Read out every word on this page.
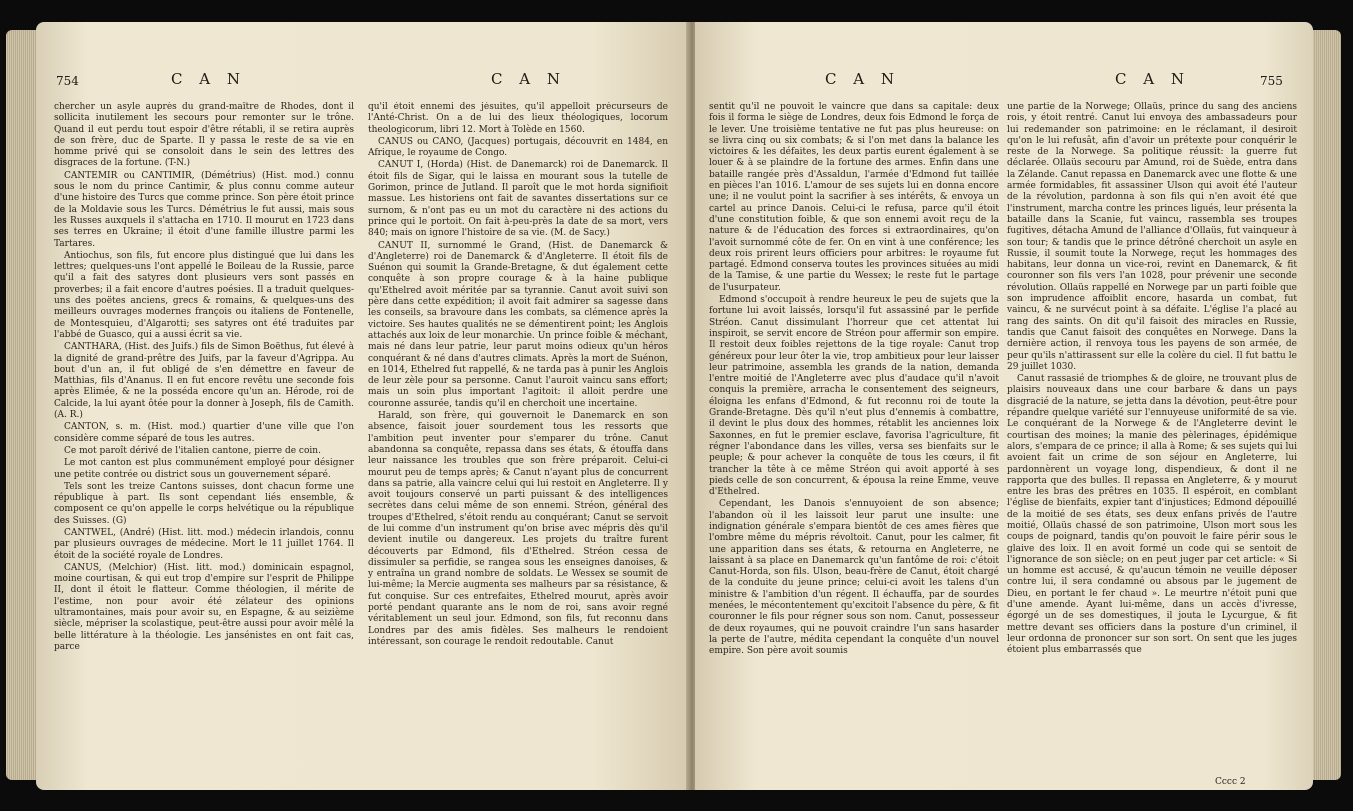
754	C A N	C A N

chercher un asyle auprès du grand-maître de Rhodes, dont il sollicita inutilement les secours pour remonter sur le trône. Quand il eut perdu tout espoir d'être rétabli, il se retira auprès de son frère, duc de Sparte. Il y passa le reste de sa vie en homme privé qui se consoloit dans le sein des lettres des disgraces de la fortune. (T-N.)

CANTEMIR ou CANTIMIR, (Démétrius) (Hist. mod.) connu sous le nom du prince Cantimir, & plus connu comme auteur d'une histoire des Turcs que comme prince. Son père étoit prince de la Moldavie sous les Turcs. Démétrius le fut aussi, mais sous les Russes auxquels il s'attacha en 1710. Il mourut en 1723 dans ses terres en Ukraine; il étoit d'une famille illustre parmi les Tartares.

Antiochus, son fils, fut encore plus distingué que lui dans les lettres; quelques-uns l'ont appellé le Boileau de la Russie, parce qu'il a fait des satyres dont plusieurs vers sont passés en proverbes; il a fait encore d'autres poésies. Il a traduit quelques-uns des poëtes anciens, grecs & romains, & quelques-uns des meilleurs ouvrages modernes françois ou italiens de Fontenelle, de Montesquieu, d'Algarotti; ses satyres ont été traduites par l'abbé de Guasco, qui a aussi écrit sa vie.

CANTHARA, (Hist. des Juifs.) fils de Simon Boëthus, fut élevé à la dignité de grand-prêtre des Juifs, par la faveur d'Agrippa. Au bout d'un an, il fut obligé de s'en démettre en faveur de Matthias, fils d'Ananus. Il en fut encore revêtu une seconde fois après Elimée, & ne la posséda encore qu'un an. Hérode, roi de Calcide, la lui ayant ôtée pour la donner à Joseph, fils de Camith. (A. R.)

CANTON, s. m. (Hist. mod.) quartier d'une ville que l'on considère comme séparé de tous les autres.

Ce mot paroît dérivé de l'italien cantone, pierre de coin.

Le mot canton est plus communément employé pour désigner une petite contrée ou district sous un gouvernement séparé.

Tels sont les treize Cantons suisses, dont chacun forme une république à part. Ils sont cependant liés ensemble, & composent ce qu'on appelle le corps helvétique ou la république des Suisses. (G)

CANTWEL, (André) (Hist. litt. mod.) médecin irlandois, connu par plusieurs ouvrages de médecine. Mort le 11 juillet 1764. Il étoit de la société royale de Londres.

CANUS, (Melchior) (Hist. litt. mod.) dominicain espagnol, moine courtisan, & qui eut trop d'empire sur l'esprit de Philippe II, dont il étoit le flatteur. Comme théologien, il mérite de l'estime, non pour avoir été zélateur des opinions ultramontaines, mais pour avoir su, en Espagne, & au seizième siècle, mépriser la scolastique, peut-être aussi pour avoir mêlé la belle littérature à la théologie. Les jansénistes en ont fait cas, parce

qu'il étoit ennemi des jésuites, qu'il appelloit précurseurs de l'Anté-Christ. On a de lui des lieux théologiques, locorum theologicorum, libri 12. Mort à Tolède en 1560.

CANUS ou CANO, (Jacques) portugais, découvrit en 1484, en Afrique, le royaume de Congo.

CANUT I, (Horda) (Hist. de Danemarck) roi de Danemarck. Il étoit fils de Sigar, qui le laissa en mourant sous la tutelle de Gorimon, prince de Jutland. Il paroît que le mot horda signifioit massue. Les historiens ont fait de savantes dissertations sur ce surnom, & n'ont pas eu un mot du caractère ni des actions du prince qui le portoit. On fait à-peu-près la date de sa mort, vers 840; mais on ignore l'histoire de sa vie. (M. de Sacy.)

CANUT II, surnommé le Grand, (Hist. de Danemarck & d'Angleterre) roi de Danemarck & d'Angleterre. Il étoit fils de Suénon qui soumit la Grande-Bretagne, & dut également cette conquête à son propre courage & à la haine publique qu'Ethelred avoit méritée par sa tyrannie. Canut avoit suivi son père dans cette expédition; il avoit fait admirer sa sagesse dans les conseils, sa bravoure dans les combats, sa clémence après la victoire. Ses ‍‍hautes qualités ne se démentirent point; les Anglois attachés aux loix de leur monarchie. Un prince foible & méchant, mais né dans leur patrie, leur parut moins odieux qu'un héros conquérant & né dans d'autres climats. Après la mort de Suénon, en 1014, Ethelred fut rappellé, & ne tarda pas à punir les Anglois de leur zèle pour sa personne. Canut l'auroit vaincu sans effort; mais un soin plus important l'agitoit: il alloit perdre une couronne assurée, tandis qu'il en cherchoit une incertaine.

Harald, son frère, qui gouvernoit le Danemarck en son absence, faisoit jouer sourdement tous les ressorts que l'ambition peut inventer pour s'emparer du trône. Canut abandonna sa conquête, repassa dans ses états, & étouffa dans leur naissance les troubles que son frère préparoit. Celui-ci mourut peu de temps après; & Canut n'ayant plus de concurrent dans sa patrie, alla vaincre celui qui lui restoit en Angleterre. Il y avoit toujours conservé un parti puissant & des intelligences secrètes dans celui même de son ennemi. Stréon, général des troupes d'Ethelred, s'étoit rendu au conquérant; Canut se servoit de lui comme d'un instrument qu'on brise avec mépris dès qu'il devient inutile ou dangereux. Les projets du traître furent découverts par Edmond, fils d'Ethelred. Stréon cessa de dissimuler sa perfidie, se rangea sous les enseignes danoises, & y entraîna un grand nombre de soldats. Le Wessex se soumit de lui-même; la Mercie augmenta ses malheurs par sa résistance, & fut conquise. Sur ces entrefaites, Ethelred mourut, après avoir porté pendant quarante ans le nom de roi, sans avoir regné véritablement un seul jour. Edmond, son fils, fut reconnu dans Londres par des amis fidèles. Ses malheurs le rendoient intéressant, son courage le rendoit redoutable. Canut

C A N	C A N	755

sentit qu'il ne pouvoit le vaincre que dans sa capitale: deux fois il forma le siège de Londres, deux fois Edmond le força de le lever. Une troisième tentative ne fut pas plus heureuse: on se livra cinq ou six combats; & si l'on met dans la balance les victoires & les défaites, les deux partis eurent également à se louer & à se plaindre de la fortune des armes. Enfin dans une bataille rangée près d'Assaldun, l'armée d'Edmond fut taillée en pièces l'an 1016. L'amour de ses sujets lui en donna encore une; il ne voulut point la sacrifier à ses intérêts, & envoya un cartel au prince Danois. Celui-ci le refusa, parce qu'il étoit d'une constitution foible, & que son ennemi avoit reçu de la nature & de l'éducation des forces si extraordinaires, qu'on l'avoit surnommé côte de fer. On en vint à une conférence; les deux rois prirent leurs officiers pour arbitres: le royaume fut partagé. Edmond conserva toutes les provinces situées au midi de la Tamise, & une partie du Wessex; le reste fut le partage de l'usurpateur.

Edmond s'occupoit à rendre heureux le peu de sujets que la fortune lui avoit laissés, lorsqu'il fut assassiné par le perfide Stréon. Canut dissimulant l'horreur que cet attentat lui inspiroit, se servit encore de Stréon pour affermir son empire. Il restoit deux foibles rejettons de la tige royale: Canut trop généreux pour leur ôter la vie, trop ambitieux pour leur laisser leur patrimoine, assembla les grands de la nation, demanda l'entre moitié de l'Angleterre avec plus d'audace qu'il n'avoit conquis la première, arracha le consentement des seigneurs, éloigna les enfans d'Edmond, & fut reconnu roi de toute la Grande-Bretagne. Dès qu'il n'eut plus d'ennemis à combattre, il devint le plus doux des hommes, rétablit les anciennes loix Saxonnes, en fut le premier esclave, favorisa l'agriculture, fit régner l'abondance dans les villes, versa ses bienfaits sur le peuple; & pour achever la conquête de tous les cœurs, il fit trancher la tête à ce même Stréon qui avoit apporté à ses pieds celle de son concurrent, & épousa la reine Emme, veuve d'Ethelred.

Cependant, les Danois s'ennuyoient de son absence; l'abandon où il les laissoit leur parut une insulte: une indignation générale s'empara bientôt de ces ames fières que l'ombre même du mépris révoltoit. Canut, pour les calmer, fit une apparition dans ses états, & retourna en Angleterre, ne laissant à sa place en Danemarck qu'un fantôme de roi: c'étoit Canut-Horda, son fils. Ulson, beau-frère de Canut, étoit chargé de la conduite du jeune prince; celui-ci avoit les talens d'un ministre & l'ambition d'un régent. Il échauffa, par de sourdes menées, le mécontentement qu'excitoit l'absence du père, & fit couronner le fils pour régner sous son nom. Canut, possesseur de deux royaumes, qui ne pouvoit craindre l'un sans hasarder la perte de l'autre, médita cependant la conquête d'un nouvel empire. Son père avoit soumis

une partie de la Norwege; Ollaüs, prince du sang des anciens rois, y étoit rentré. Canut lui envoya des ambassadeurs pour lui redemander son patrimoine: en le réclamant, il desiroit qu'on le lui refusât, afin d'avoir un prétexte pour conquérir le reste de la Norwege. Sa politique réussit: la guerre fut déclarée. Ollaüs secouru par Amund, roi de Suède, entra dans la Zélande. Canut repassa en Danemarck avec une flotte & une armée formidables, fit assassiner Ulson qui avoit été l'auteur de la révolution, pardonna à son fils qui n'en avoit été que l'instrument, marcha contre les princes ligués, leur présenta la bataille dans la Scanie, fut vaincu, rassembla ses troupes fugitives, détacha Amund de l'alliance d'Ollaüs, fut vainqueur à son tour; & tandis que le prince détrôné cherchoit un asyle en Russie, il soumit toute la Norwege, reçut les hommages des habitans, leur donna un vice-roi, revint en Danemarck, & fit couronner son fils vers l'an 1028, pour prévenir une seconde révolution. Ollaüs rappellé en Norwege par un parti foible que son imprudence affoiblit encore, hasarda un combat, fut vaincu, & ne survécut point à sa défaite. L'église l'a placé au rang des saints. On dit qu'il faisoit des miracles en Russie, tandis que Canut faisoit des conquêtes en Norwege. Dans la dernière action, il renvoya tous les payens de son armée, de peur qu'ils n'attirassent sur elle la colère du ciel. Il fut battu le 29 juillet 1030.

Canut rassasié de triomphes & de gloire, ne trouvant plus de plaisirs nouveaux dans une cour barbare & dans un pays disgracié de la nature, se jetta dans la dévotion, peut-être pour répandre quelque variété sur l'ennuyeuse uniformité de sa vie. Le conquérant de la Norwege & de l'Angleterre devint le courtisan des moines; la manie des pèlerinages, épidémique alors, s'empara de ce prince; il alla à Rome; & ses sujets qui lui avoient fait un crime de son séjour en Angleterre, lui pardonnèrent un voyage long, dispendieux, & dont il ne rapporta que des bulles. Il repassa en Angleterre, & y mourut entre les bras des prêtres en 1035. Il espéroit, en comblant l'église de bienfaits, expier tant d'injustices; Edmond dépouillé de la moitié de ses états, ses deux enfans privés de l'autre moitié, Ollaüs chassé de son patrimoine, Ulson mort sous les coups de poignard, tandis qu'on pouvoit le faire périr sous le glaive des loix. Il en avoit formé un code qui se sentoit de l'ignorance de son siècle; on en peut juger par cet article: « Si un homme est accusé, & qu'aucun témoin ne veuille déposer contre lui, il sera condamné ou absous par le jugement de Dieu, en portant le fer chaud ». Le meurtre n'étoit puni que d'une amende. Ayant lui-même, dans un accès d'ivresse, égorgé un de ses domestiques, il jouta le Lycurgue, & fit mettre devant ses officiers dans la posture d'un criminel, il leur ordonna de prononcer sur son sort. On sent que les juges étoient plus embarrassés que

Cccc 2
